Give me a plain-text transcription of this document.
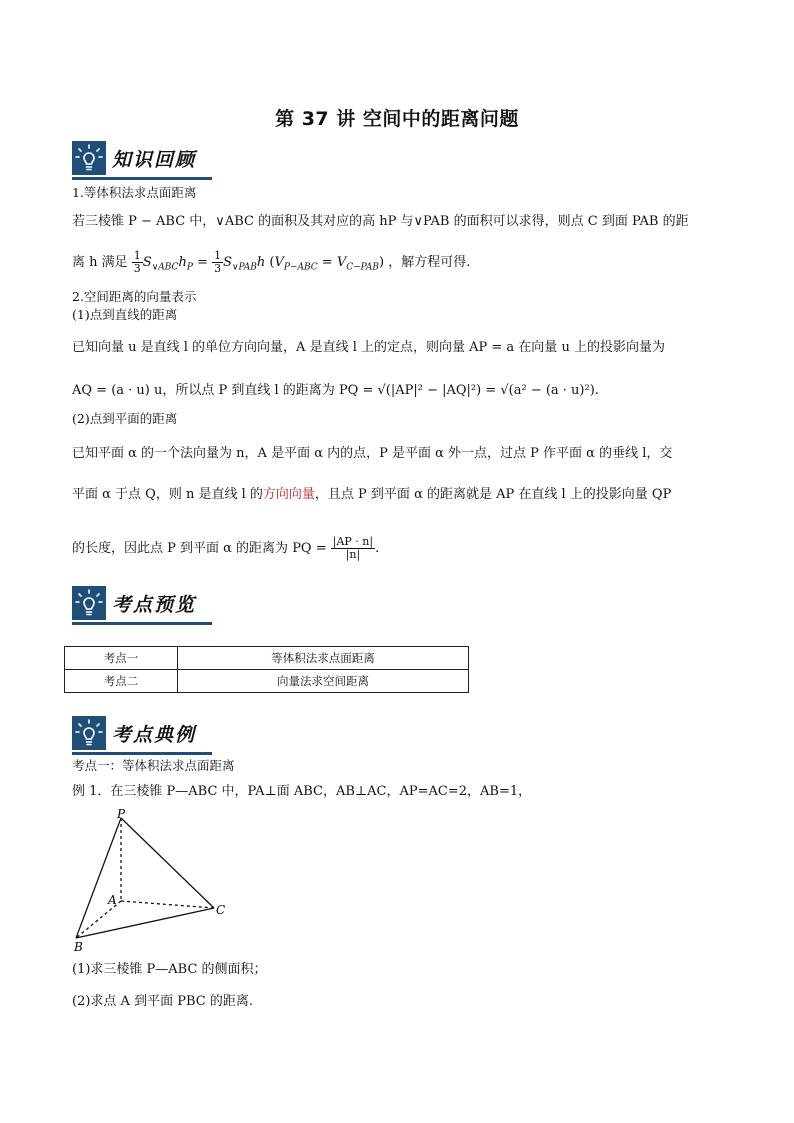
第 37 讲 空间中的距离问题
知识回顾
1.等体积法求点面距离
若三棱锥 P − ABC 中，∨ABC 的面积及其对应的高 hP 与∨PAB 的面积可以求得，则点 C 到面 PAB 的距
离 h 满足 $\frac{1}{3} S_{\vee ABC}h_P = \frac{1}{3} S_{\vee PAB}h$ $(V_{P-ABC} = V_{C-PAB})$ ，解方程可得.
2.空间距离的向量表示
(1)点到直线的距离
已知向量 u 是直线 l 的单位方向向量，A 是直线 l 上的定点，则向量 AP = a 在向量 u 上的投影向量为
AQ = (a · u) u，所以点 P 到直线 l 的距离为 PQ = √(|AP|² − |AQ|²) = √(a² − (a · u)²).
(2)点到平面的距离
已知平面 α 的一个法向量为 n，A 是平面 α 内的点，P 是平面 α 外一点，过点 P 作平面 α 的垂线 l，交
平面 α 于点 Q，则 n 是直线 l 的方向向量，且点 P 到平面 α 的距离就是 AP 在直线 l 上的投影向量 QP
的长度，因此点 P 到平面 α 的距离为 PQ = $\frac{|AP \cdot n|}{|n|}$ .
考点预览
考点一	等体积法求点面距离
考点二	向量法求空间距离
考点典例
考点一：等体积法求点面距离
例 1．在三棱锥 P—ABC 中，PA⊥面 ABC，AB⊥AC，AP=AC=2，AB=1，
P
A
B
C
(1)求三棱锥 P—ABC 的侧面积；
(2)求点 A 到平面 PBC 的距离.
